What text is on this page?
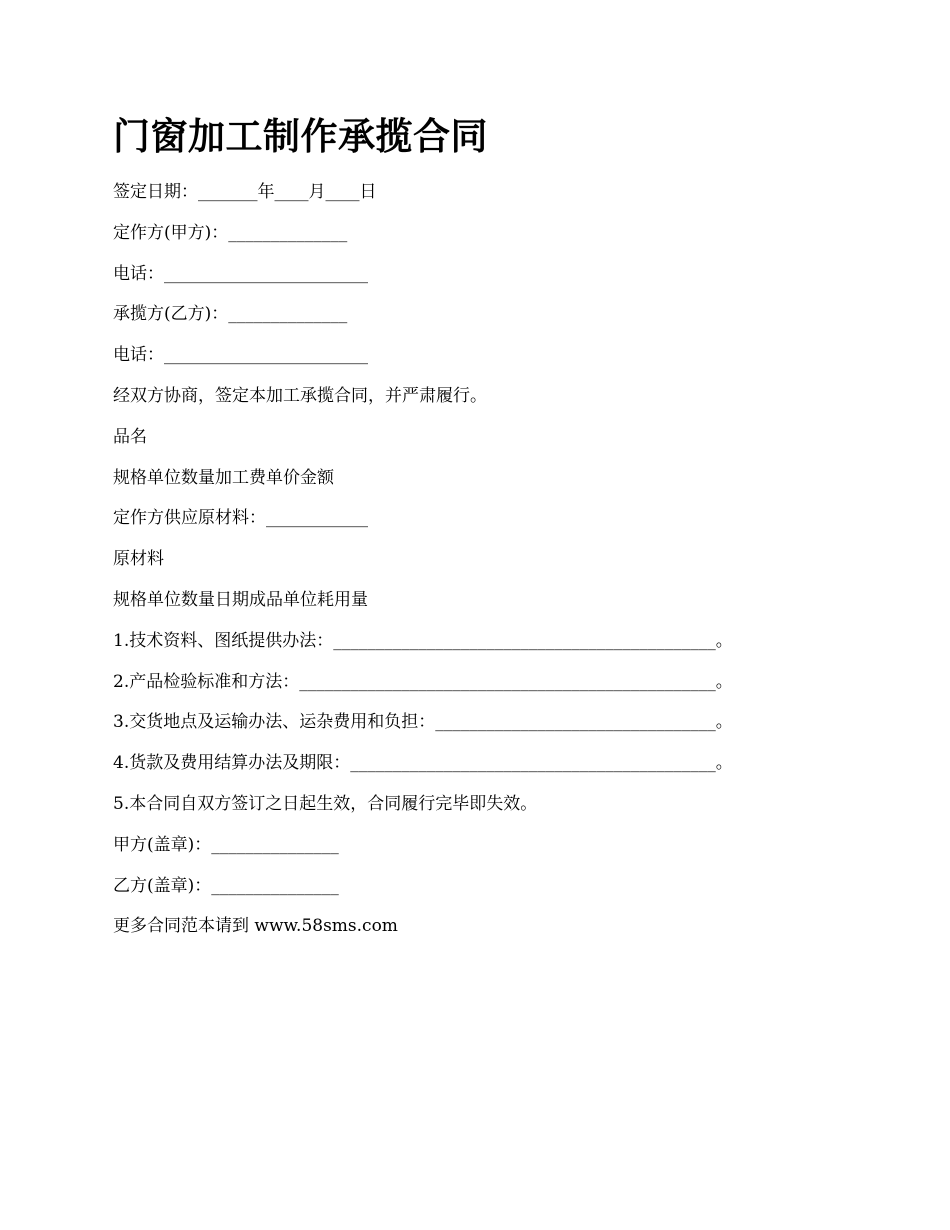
门窗加工制作承揽合同
签定日期：_______年____月____日
定作方(甲方)：______________
电话：________________________
承揽方(乙方)：______________
电话：________________________
经双方协商，签定本加工承揽合同，并严肃履行。
品名
规格单位数量加工费单价金额
定作方供应原材料：____________
原材料
规格单位数量日期成品单位耗用量
1.技术资料、图纸提供办法：_____________________________________________。
2.产品检验标准和方法：_________________________________________________。
3.交货地点及运输办法、运杂费用和负担：_________________________________。
4.货款及费用结算办法及期限：___________________________________________。
5.本合同自双方签订之日起生效，合同履行完毕即失效。
甲方(盖章)：_______________
乙方(盖章)：_______________
更多合同范本请到 www.58sms.com
